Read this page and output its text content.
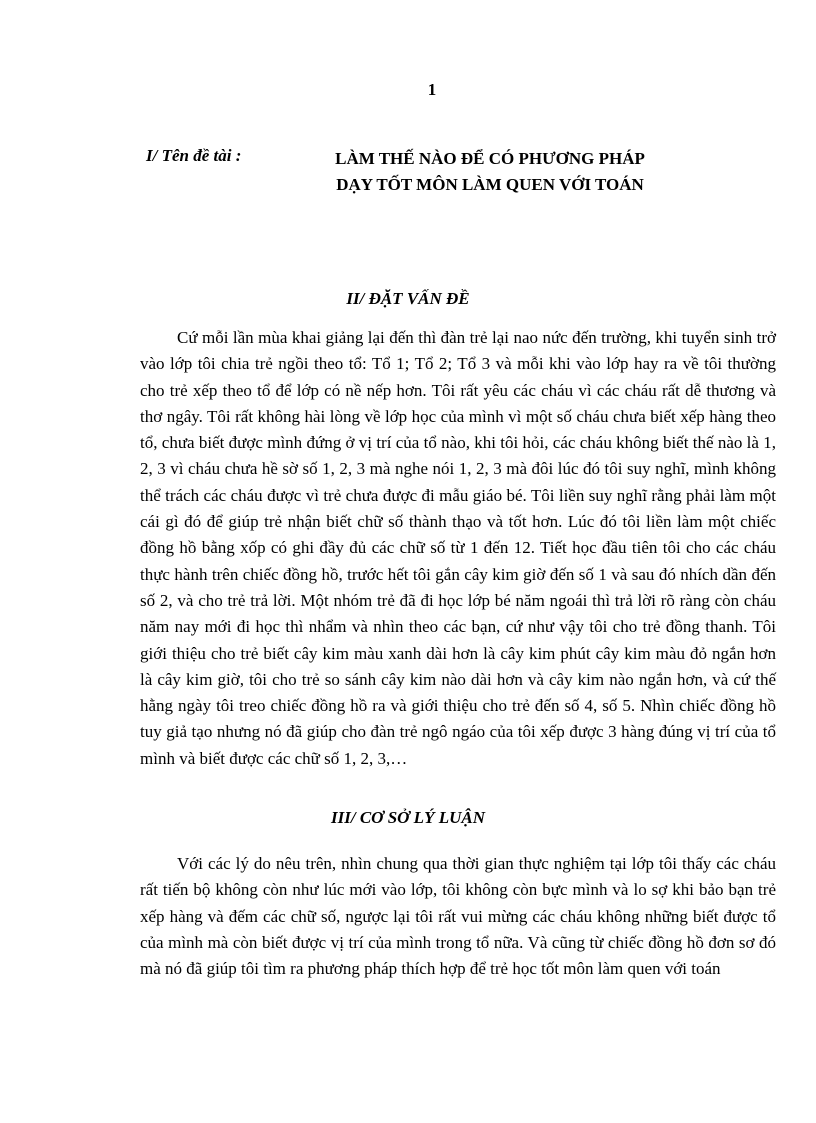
1
I/ Tên đề tài :	LÀM THẾ NÀO ĐỂ CÓ PHƯƠNG PHÁP
DẠY TỐT MÔN LÀM QUEN VỚI TOÁN
II/ ĐẶT VẤN ĐỀ

Cứ mỗi lần mùa khai giảng lại đến thì đàn trẻ lại nao nức đến trường, khi tuyển sinh trở vào lớp tôi chia trẻ ngồi theo tổ: Tổ 1; Tổ 2; Tổ 3 và mỗi khi vào lớp hay ra về tôi thường cho trẻ xếp theo tổ để lớp có nề nếp hơn. Tôi rất yêu các cháu vì các cháu rất dễ thương và thơ ngây. Tôi rất không hài lòng về lớp học của mình vì một số cháu chưa biết xếp hàng theo tổ, chưa biết được mình đứng ở vị trí của tổ nào, khi tôi hỏi, các cháu không biết thế nào là 1, 2, 3 vì cháu chưa hề sờ số 1, 2, 3 mà nghe nói 1, 2, 3 mà đôi lúc đó tôi suy nghĩ, mình không thể trách các cháu được vì trẻ chưa được đi mẫu giáo bé. Tôi liền suy nghĩ rằng phải làm một cái gì đó để giúp trẻ nhận biết chữ số thành thạo và tốt hơn. Lúc đó tôi liền làm một chiếc đồng hồ bằng xốp có ghi đầy đủ các chữ số từ 1 đến 12. Tiết học đầu tiên tôi cho các cháu thực hành trên chiếc đồng hồ, trước hết tôi gắn cây kim giờ đến số 1 và sau đó nhích dần đến số 2, và cho trẻ trả lời. Một nhóm trẻ đã đi học lớp bé năm ngoái thì trả lời rõ ràng còn cháu năm nay mới đi học thì nhẩm và nhìn theo các bạn, cứ như vậy tôi cho trẻ đồng thanh. Tôi giới thiệu cho trẻ biết cây kim màu xanh dài hơn là cây kim phút cây kim màu đỏ ngắn hơn là cây kim giờ, tôi cho trẻ so sánh cây kim nào dài hơn và cây kim nào ngắn hơn, và cứ thế hằng ngày tôi treo chiếc đồng hồ ra và giới thiệu cho trẻ đến số 4, số 5. Nhìn chiếc đồng hồ tuy giả tạo nhưng nó đã giúp cho đàn trẻ ngô ngáo của tôi xếp được 3 hàng đúng vị trí của tổ mình và biết được các chữ số 1, 2, 3,…

III/ CƠ SỞ LÝ LUẬN

Với các lý do nêu trên, nhìn chung qua thời gian thực nghiệm tại lớp tôi thấy các cháu rất tiến bộ không còn như lúc mới vào lớp, tôi không còn bực mình và lo sợ khi bảo bạn trẻ xếp hàng và đếm các chữ số, ngược lại tôi rất vui mừng các cháu không những biết được tổ của mình mà còn biết được vị trí của mình trong tổ nữa. Và cũng từ chiếc đồng hồ đơn sơ đó mà nó đã giúp tôi tìm ra phương pháp thích hợp để trẻ học tốt môn làm quen với toán
